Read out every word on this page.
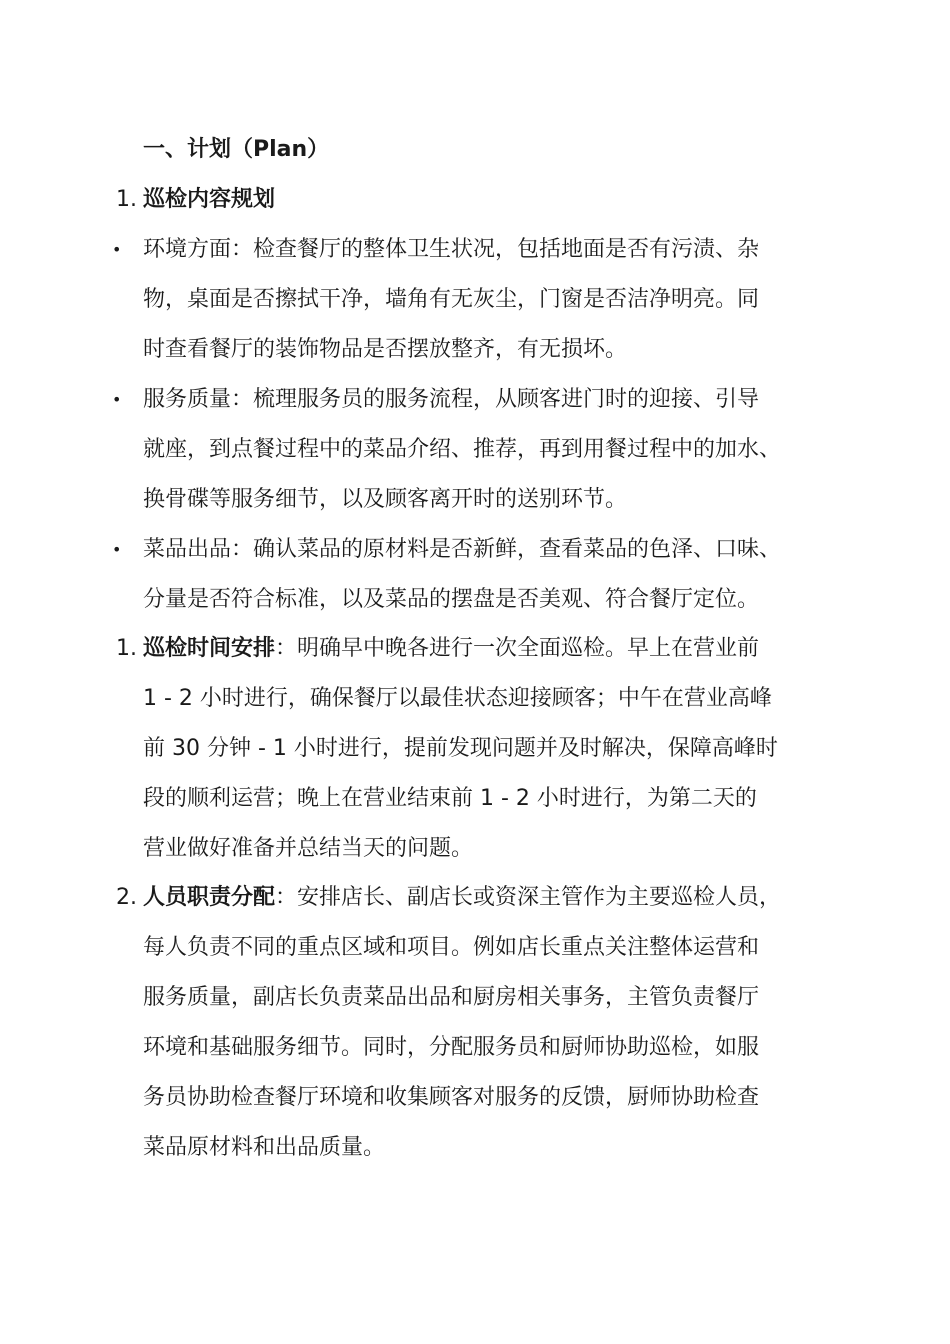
一、计划（Plan）
1. 巡检内容规划
• 环境方面：检查餐厅的整体卫生状况，包括地面是否有污渍、杂
物，桌面是否擦拭干净，墙角有无灰尘，门窗是否洁净明亮。同
时查看餐厅的装饰物品是否摆放整齐，有无损坏。
• 服务质量：梳理服务员的服务流程，从顾客进门时的迎接、引导
就座，到点餐过程中的菜品介绍、推荐，再到用餐过程中的加水、
换骨碟等服务细节，以及顾客离开时的送别环节。
• 菜品出品：确认菜品的原材料是否新鲜，查看菜品的色泽、口味、
分量是否符合标准，以及菜品的摆盘是否美观、符合餐厅定位。
1. 巡检时间安排：明确早中晚各进行一次全面巡检。早上在营业前
1 - 2 小时进行，确保餐厅以最佳状态迎接顾客；中午在营业高峰
前 30 分钟 - 1 小时进行，提前发现问题并及时解决，保障高峰时
段的顺利运营；晚上在营业结束前 1 - 2 小时进行，为第二天的
营业做好准备并总结当天的问题。
2. 人员职责分配：安排店长、副店长或资深主管作为主要巡检人员，
每人负责不同的重点区域和项目。例如店长重点关注整体运营和
服务质量，副店长负责菜品出品和厨房相关事务，主管负责餐厅
环境和基础服务细节。同时，分配服务员和厨师协助巡检，如服
务员协助检查餐厅环境和收集顾客对服务的反馈，厨师协助检查
菜品原材料和出品质量。
